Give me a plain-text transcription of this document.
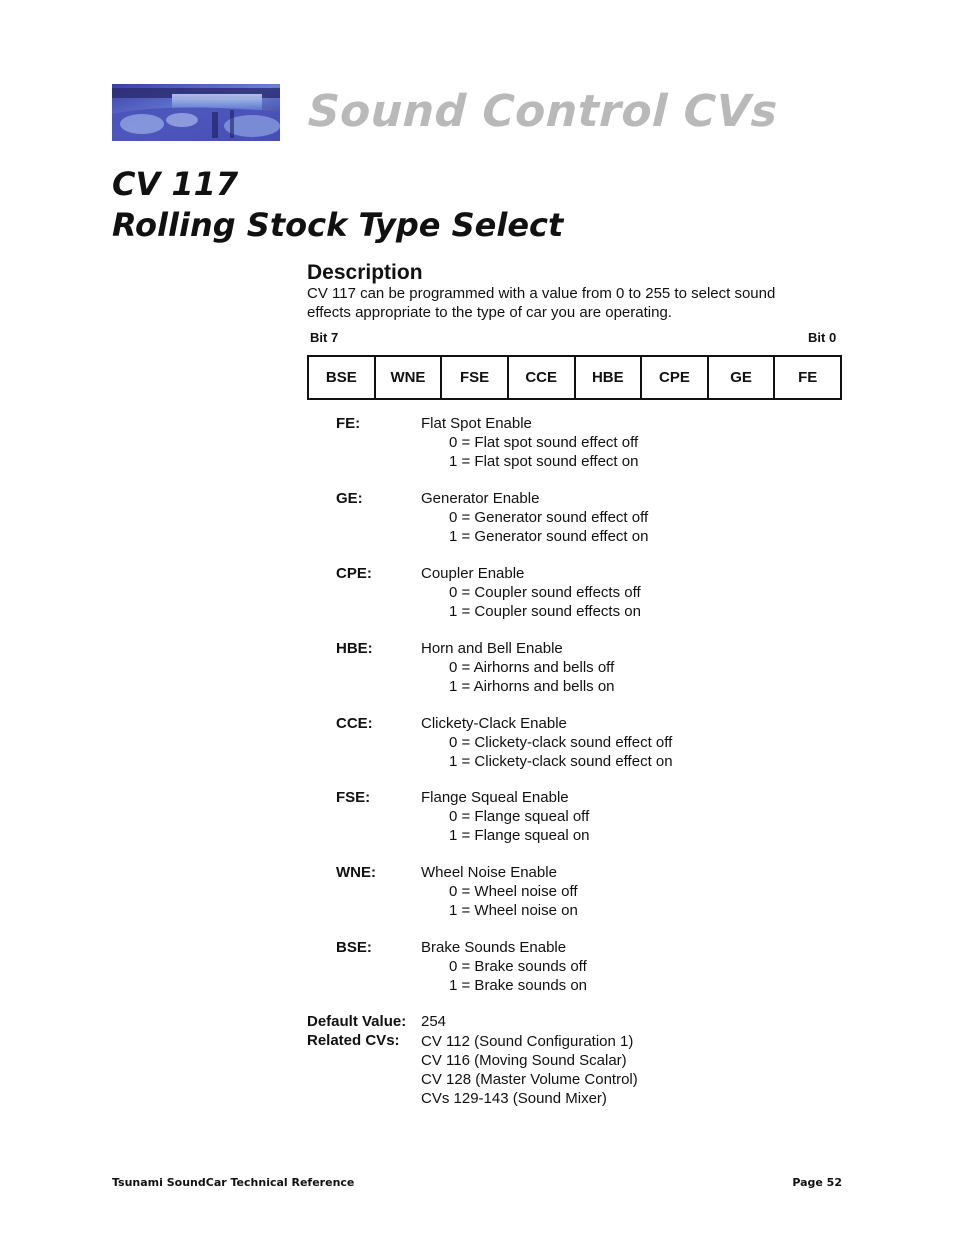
Sound Control CVs
CV 117
Rolling Stock Type Select
Description
CV 117 can be programmed with a value from 0 to 255 to select sound
effects appropriate to the type of car you are operating.
Bit 7	Bit 0
BSE	WNE	FSE	CCE	HBE	CPE	GE	FE
FE:	Flat Spot Enable
0 = Flat spot sound effect off
1 = Flat spot sound effect on
GE:	Generator Enable
0 = Generator sound effect off
1 = Generator sound effect on
CPE:	Coupler Enable
0 = Coupler sound effects off
1 = Coupler sound effects on
HBE:	Horn and Bell Enable
0 = Airhorns and bells off
1 = Airhorns and bells on
CCE:	Clickety-Clack Enable
0 = Clickety-clack sound effect off
1 = Clickety-clack sound effect on
FSE:	Flange Squeal Enable
0 = Flange squeal off
1 = Flange squeal on
WNE:	Wheel Noise Enable
0 = Wheel noise off
1 = Wheel noise on
BSE:	Brake Sounds Enable
0 = Brake sounds off
1 = Brake sounds on
Default Value: 254
Related CVs: CV 112 (Sound Configuration 1)
CV 116 (Moving Sound Scalar)
CV 128 (Master Volume Control)
CVs 129-143 (Sound Mixer)
Tsunami SoundCar Technical Reference	Page 52
